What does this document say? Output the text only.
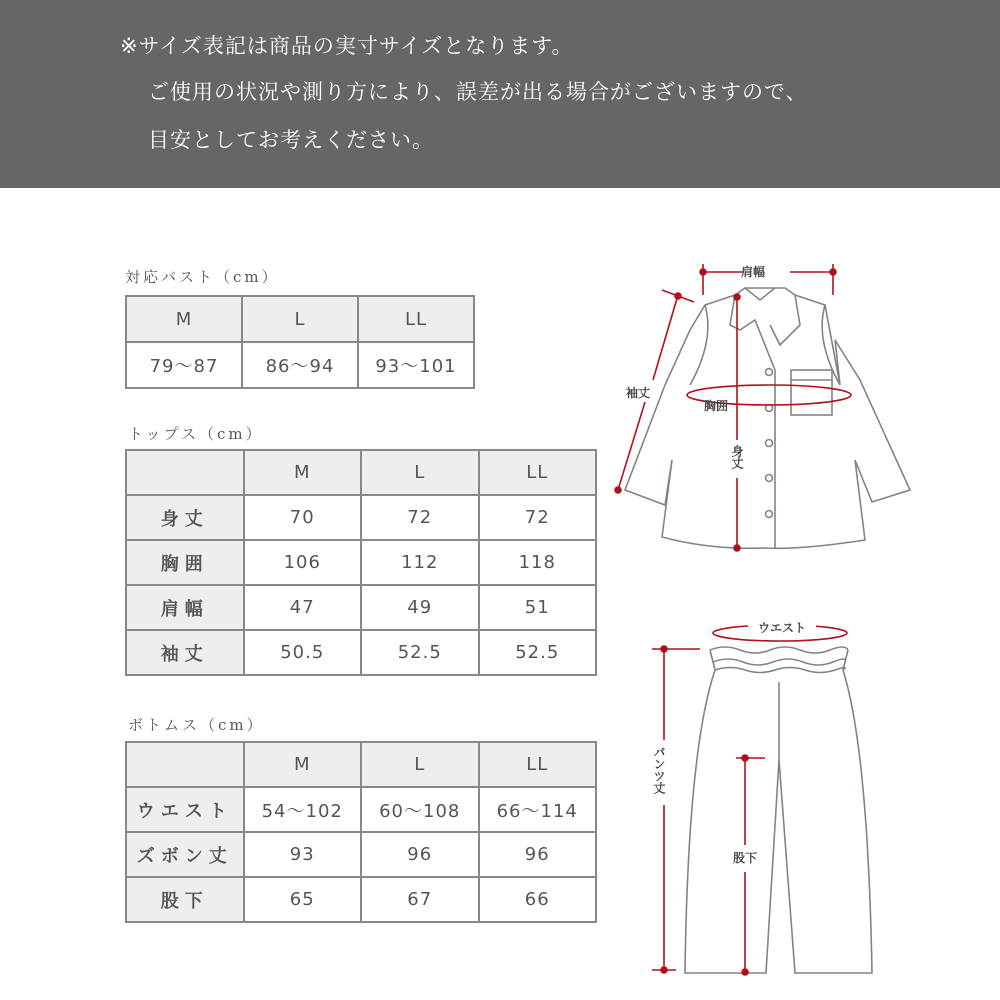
※サイズ表記は商品の実寸サイズとなります。
ご使用の状況や測り方により、誤差が出る場合がございますので、
目安としてお考えください。
対応バスト（cm）
M	L	LL
79〜87	86〜94	93〜101
トップス（cm）
	M	L	LL
身丈	70	72	72
胸囲	106	112	118
肩幅	47	49	51
袖丈	50.5	52.5	52.5
ボトムス（cm）
	M	L	LL
ウエスト	54〜102	60〜108	66〜114
ズボン丈	93	96	96
股下	65	67	66
肩幅
袖丈
胸囲
身丈
ウエスト
パンツ丈
股下
